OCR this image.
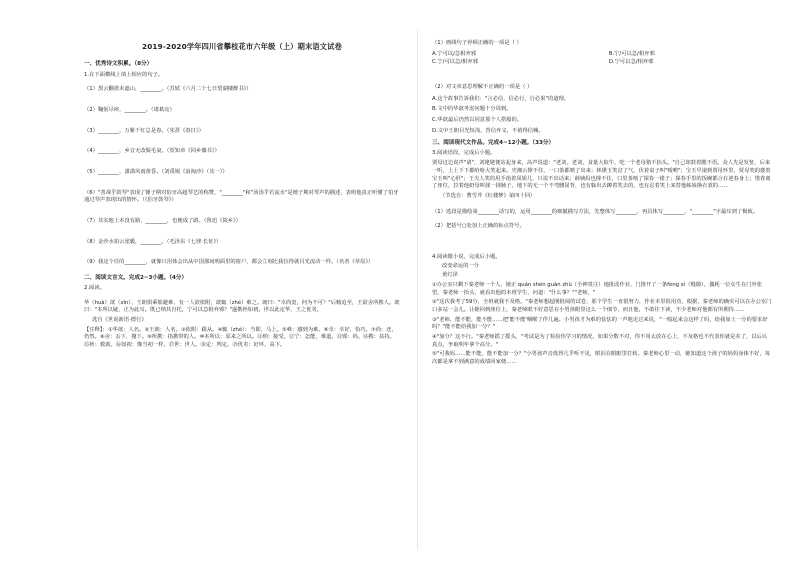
2019-2020学年四川省攀枝花市六年级（上）期末语文试卷
一、优秀诗文积累。（8分）
1.在下面横线上填上相应的句子。
（1）黑云翻墨未遮山，________。（苏轼《六月二十七日望湖楼醉书》）
（2）鞠躬尽瘁，________。（诸葛亮）
（3）________，万紫千红总是春。（朱熹《春日》）
（4）________，乡音无改鬓毛衰。（贺知章《回乡偶书》）
（5）________，潇潇风雨黄昏。（刘禹锡《浪淘沙》（其一））
（6）"善哉乎鼓琴"表现了锺子期对伯牙高超琴艺的称赞，"________"和"汤汤乎若流水"是锺子期对琴声的描述，表明他真正听懂了伯牙通过琴声表现出的情怀。（《伯牙鼓琴》）
（7）其实地上本没有路，________，也便成了路。（鲁迅《故乡》）
（8）金沙水拍云崖暖，________。（毛泽东《七律·长征》）
（9）我这个任的________，就像只用体会出从中国那间明面里的窗户，都会立刻比我拉得就目光流动一样。（名者《草原》）
二、阅读文言文。完成2~3小题。（4分）
2.阅读。
华（huà）歆（xīn）、王朗俱乘船避难，有一人欲依附，歆辄（zhé）难之。朗曰："幸尚宽，何为不可？"后贼追至，王欲舍所携人。歆曰："本所以疑，正为此耳。既已纳其自托，宁可以急相弃邪？"遂携拯如初。世以此定华、王之优劣。
选自《世说新语·德行》
【注释】：①华歆：人名。②王朗：人名。③依附：跟从。④辄（zhé）：当即，马上。⑤难：感到为难。⑥幸：幸好，恰巧。⑦尚：还，仍然。⑧舍：丢下，抛下。⑨所携：指携带的人。⑩本所以：原来之所以。⑪纳：接受。⑫宁：怎能，难道。⑬邪：吗。⑭携：扶持。⑮拯：救助。⑯如初：像当初一样。⑰世：世人。⑱定：判定。⑲优劣：好坏，高下。
（1）画线句子停顿正确的一项是（ ）
A.宁可以/急相弃邪	B.宁/可以急/相弃邪
C.宁/可以急/相弃邪	D.宁可以急/相弃邪
（2）对文章意思理解不正确的一项是（ ）
A.这个故事告诉我们："言必信，信必行，行必果"的道理。
B.文中的华歆考虑问题十分周到。
C.华歆最后仍然以同意那个人搭船的。
D.文中王朗目光短浅，背信弃义，不值得信赖。
三、阅读现代文作品。完成4~12小题。（33分）
3.阅读语段，完成后小题。
贾母这边说声"请"，刘姥姥便站起身来，高声说道："老刘，老刘，食量大似牛，吃一个老母猪不抬头。"自己却鼓着腮不语。众人先是发怔，后来一听，上上下下都哈哈大笑起来。史湘云撑不住，一口茶都喷了出来；林黛玉笑岔了气，伏着桌子叫"嗳哟"；宝玉早滚到贾母怀里，贾母笑的搂着宝玉叫"心肝"；王夫人笑的用手指着凤姐儿，只说不出话来；薛姨妈也撑不住，口里茶喷了探春一裙子；探春手里的饭碗都合在迎春身上；惜春离了座位，拉着他奶母叫揉一揉肠子。地下的无一个不弯腰屈背，也有躲出去蹲着笑去的，也有忍着笑上来替他姊妹换衣裳的……
（节选自：曹雪芹《红楼梦》第四十回）
（1）选段是描绘第________话写的，运用________的细腻描写方法，先整体写________，再具体写________，"________"字最耳到了极致。
（2）把括号○处加上正确的标点符号。
4.阅读微小说，完成后小题。
改变命运的一分
黄灯泽
①办公室只剩下秦老师一个人，她正 quán shén guàn zhù（全神贯注）地批改作业，门推开了一条fèng xì（缝隙），偶耗一位女生在门外张望，秦老师一抬头，就看出他的本班学生，问道："什么事？""老师，"
②"这次我考了59分，全班就我不及格。"秦老师想起刚批阅的试卷，那个学生一直很努力，作业本里很用功，根据，秦老师的确实可以在办公室门口多站一会儿。让她回到座位上，秦老师眼不好意思在小男孩眼里这么一个细节，而且他，不敢往下读，不少老师对他都有所期待……
③"老师，能不能，能不能……把'能不能'咽喉了伴几遍。小男孩才为难的怯怯的一声地走过来说，"一般起来会这样了吗，给我加上一分的要求好吗？"能不能给我加一分？"
④"加分？这不行。"秦老师摇了摇头，"考试是为了检验你学习的情况，如果分数不对，你不用太放在心上，不及格也不代表你就是差了，以后认真点，争取明年拿个高分。"
⑤"可我妈……能不能，能不能加一分？"小男孩声音低得几乎听不见，眼泪在眼眶里打转。秦老师心里一动，她知道这个孩子的妈妈身体不好，每次都是拿不到满意的成绩回家便……
